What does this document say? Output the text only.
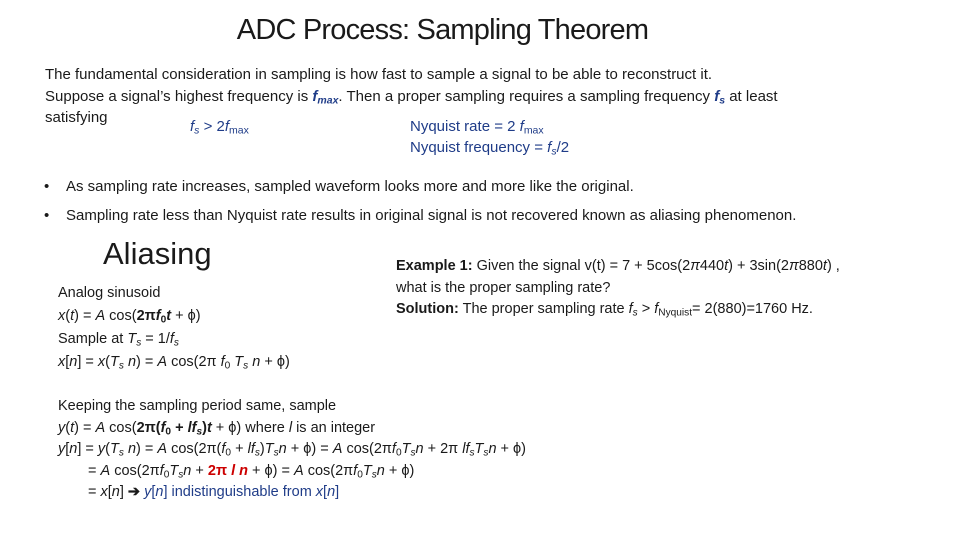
ADC Process: Sampling Theorem
The fundamental consideration in sampling is how fast to sample a signal to be able to reconstruct it.
Suppose a signal’s highest frequency is $f_{max}$. Then a proper sampling requires a sampling frequency $f_s$ at least
satisfying
$f_s > 2f_{max}$	Nyquist rate = 2 $f_{max}$
Nyquist frequency = $f_s/2$
• As sampling rate increases, sampled waveform looks more and more like the original.
• Sampling rate less than Nyquist rate results in original signal is not recovered known as aliasing phenomenon.
Aliasing
Analog sinusoid
x(t) = A $\cos(2\pi f_0t + \phi)$
Sample at $T_s = 1/f_s$
$x[n] = x(T_s$ n) = A cos(2π $f_0$ $T_s$ n + ϕ)
Example 1: Given the signal v(t) = 7 + 5cos(2π440t) + 3sin(2π880t) ,
what is the proper sampling rate?
Solution: The proper sampling rate $f_s > f_{Nyquist}= 2(880)=1760$ Hz.
Keeping the sampling period same, sample
y(t) = A $\cos(2\pi(f_0 + lf_s)t + \phi)$ where l is an integer
$y[n] = y(T_s$ n) = A $\cos(2\pi(f_0 + lf_s)T_sn + \phi) = A$ $\cos(2\pi f_0T_sn + 2\pi$ $lf_sT_sn + \phi$)
= A $\cos(2\pi f_0T_sn + 2\pi$ l n + ϕ) = A $\cos(2\pi f_0T_sn + \phi)$
= x[n] ➔ y[n] indistinguishable from x[n]
